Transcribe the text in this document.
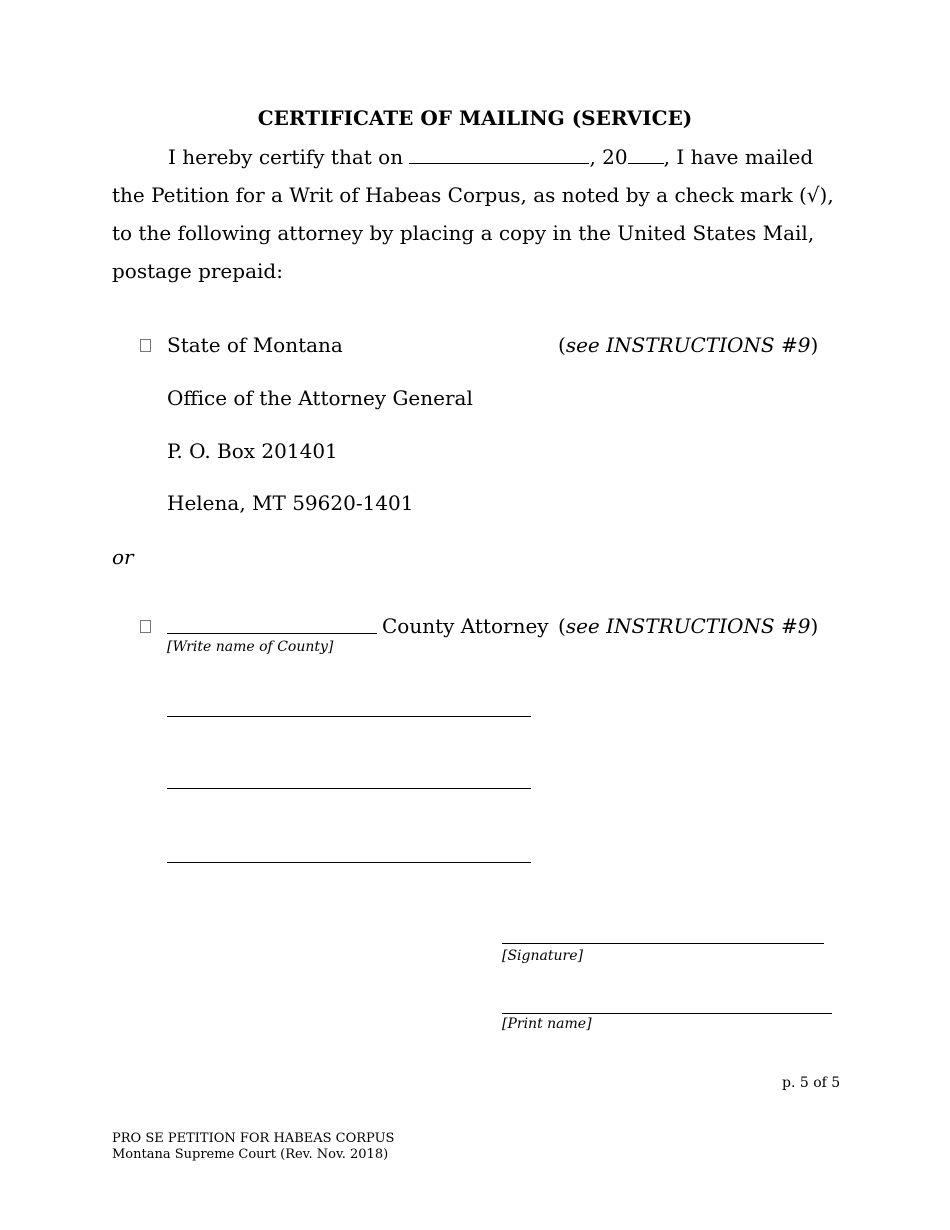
CERTIFICATE OF MAILING (SERVICE)
I hereby certify that on	, 20 , I have mailed the Petition for a Writ of Habeas Corpus, as noted by a check mark (√), to the following attorney by placing a copy in the United States Mail, postage prepaid:
State of Montana	(see INSTRUCTIONS #9)
Office of the Attorney General
P. O. Box 201401
Helena, MT 59620-1401
or
County Attorney (see INSTRUCTIONS #9)
[Write name of County]
[Signature]
[Print name]
p. 5 of 5
PRO SE PETITION FOR HABEAS CORPUS
Montana Supreme Court (Rev. Nov. 2018)
